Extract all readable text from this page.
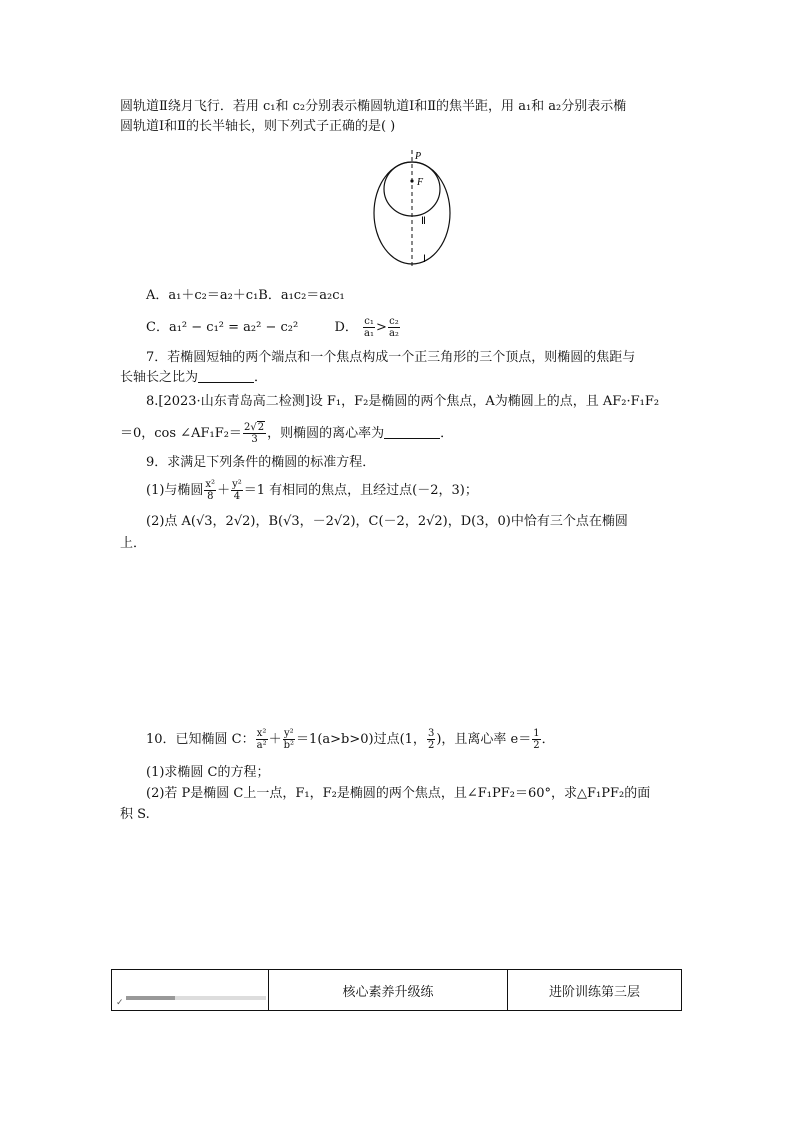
圆轨道Ⅱ绕月飞行．若用 c₁和 c₂分别表示椭圆轨道Ⅰ和Ⅱ的焦半距，用 a₁和 a₂分别表示椭
圆轨道Ⅰ和Ⅱ的长半轴长，则下列式子正确的是( )
P
F
Ⅱ
Ⅰ
A．a₁＋c₂＝a₂＋c₁B．a₁c₂＝a₂c₁
C．a₁² − c₁² = a₂² − c₂²	D． $\frac{\text{c₁}}{\text{a₁}} > \frac{\text{c₂}}{\text{a₂}}$
7．若椭圆短轴的两个端点和一个焦点构成一个正三角形的三个顶点，则椭圆的焦距与
长轴长之比为	．
8.[2023·山东青岛高二检测]设 F₁，F₂是椭圆的两个焦点，A为椭圆上的点，且 AF₂·F₁F₂
＝0，cos ∠AF₁F₂＝ $\frac{2√2}{3}$ ，则椭圆的离心率为	．
9．求满足下列条件的椭圆的标准方程．
(1)与椭圆 $\frac{\text{x²}}{8} + \frac{\text{y²}}{4} =1$ 有相同的焦点，且经过点(－2，3)；
(2)点 A(√3，2√2)，B(√3，－2√2)，C(－2，2√2)，D(3，0)中恰有三个点在椭圆
上．
10．已知椭圆 C： $\frac{\text{x²}}{\text{a²}} + \frac{\text{y²}}{\text{b²}} =1(a>b>0)$过点(1， $\frac{3}{2}$ )，且离心率 $e= \frac{1}{2}$ ．
(1)求椭圆 C的方程；
(2)若 P是椭圆 C上一点，F₁，F₂是椭圆的两个焦点，且∠F₁PF₂＝60°，求△F₁PF₂的面
积 S.
✓
核心素养升级练	进阶训练第三层
